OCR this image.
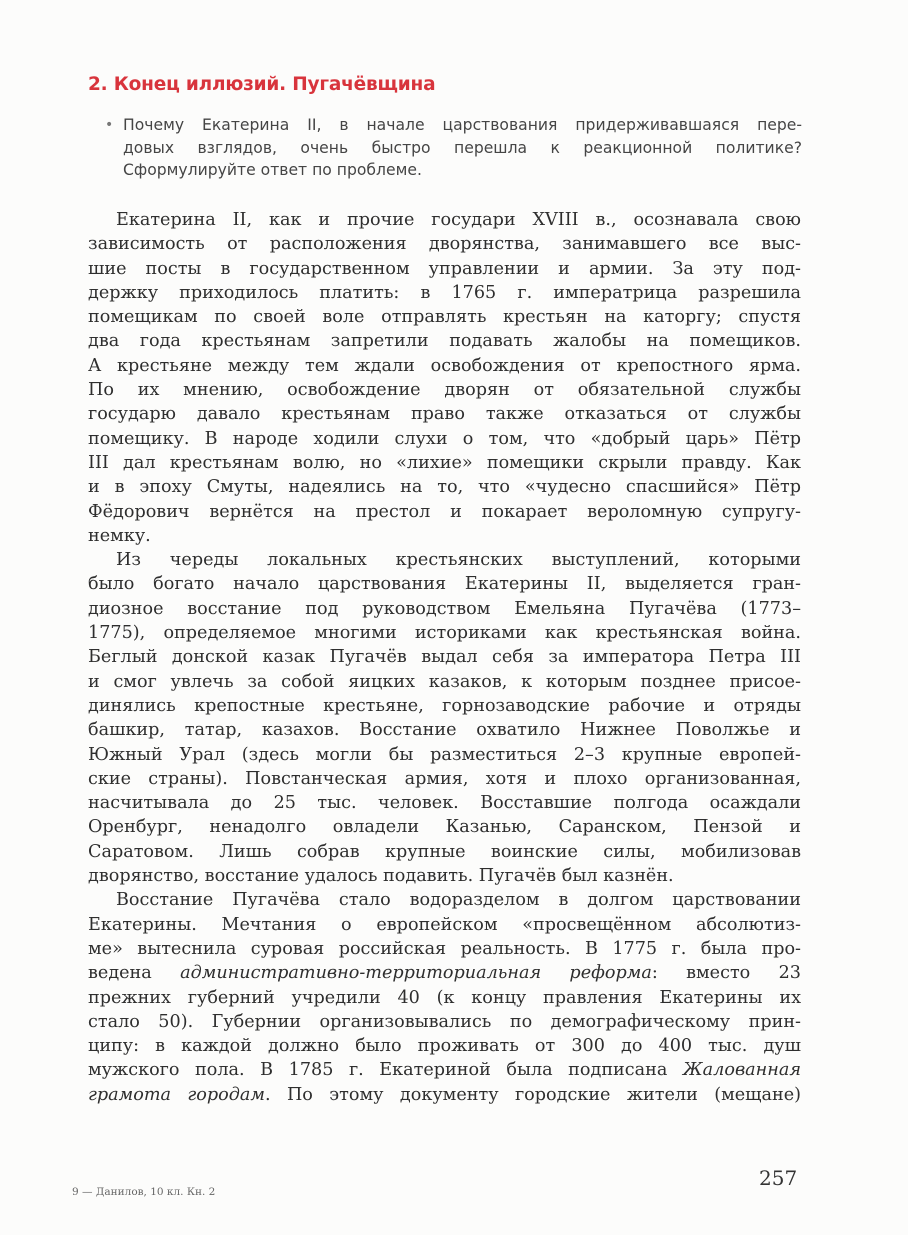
2. Конец иллюзий. Пугачёвщина
• Почему Екатерина II, в начале царствования придерживавшаяся пере-
довых взглядов, очень быстро перешла к реакционной политике?
Сформулируйте ответ по проблеме.
Екатерина II, как и прочие государи XVIII в., осознавала свою
зависимость от расположения дворянства, занимавшего все выс-
шие посты в государственном управлении и армии. За эту под-
держку приходилось платить: в 1765 г. императрица разрешила
помещикам по своей воле отправлять крестьян на каторгу; спустя
два года крестьянам запретили подавать жалобы на помещиков.
А крестьяне между тем ждали освобождения от крепостного ярма.
По их мнению, освобождение дворян от обязательной службы
государю давало крестьянам право также отказаться от службы
помещику. В народе ходили слухи о том, что «добрый царь» Пётр
III дал крестьянам волю, но «лихие» помещики скрыли правду. Как
и в эпоху Смуты, надеялись на то, что «чудесно спасшийся» Пётр
Фёдорович вернётся на престол и покарает вероломную супругу-
немку.
Из череды локальных крестьянских выступлений, которыми
было богато начало царствования Екатерины II, выделяется гран-
диозное восстание под руководством Емельяна Пугачёва (1773–
1775), определяемое многими историками как крестьянская война.
Беглый донской казак Пугачёв выдал себя за императора Петра III
и смог увлечь за собой яицких казаков, к которым позднее присое-
динялись крепостные крестьяне, горнозаводские рабочие и отряды
башкир, татар, казахов. Восстание охватило Нижнее Поволжье и
Южный Урал (здесь могли бы разместиться 2–3 крупные европей-
ские страны). Повстанческая армия, хотя и плохо организованная,
насчитывала до 25 тыс. человек. Восставшие полгода осаждали
Оренбург, ненадолго овладели Казанью, Саранском, Пензой и
Саратовом. Лишь собрав крупные воинские силы, мобилизовав
дворянство, восстание удалось подавить. Пугачёв был казнён.
Восстание Пугачёва стало водоразделом в долгом царствовании
Екатерины. Мечтания о европейском «просвещённом абсолютиз-
ме» вытеснила суровая российская реальность. В 1775 г. была про-
ведена административно-территориальная реформа: вместо 23
прежних губерний учредили 40 (к концу правления Екатерины их
стало 50). Губернии организовывались по демографическому прин-
ципу: в каждой должно было проживать от 300 до 400 тыс. душ
мужского пола. В 1785 г. Екатериной была подписана Жалованная
грамота городам. По этому документу городские жители (мещане)
257
9 — Данилов, 10 кл. Кн. 2
